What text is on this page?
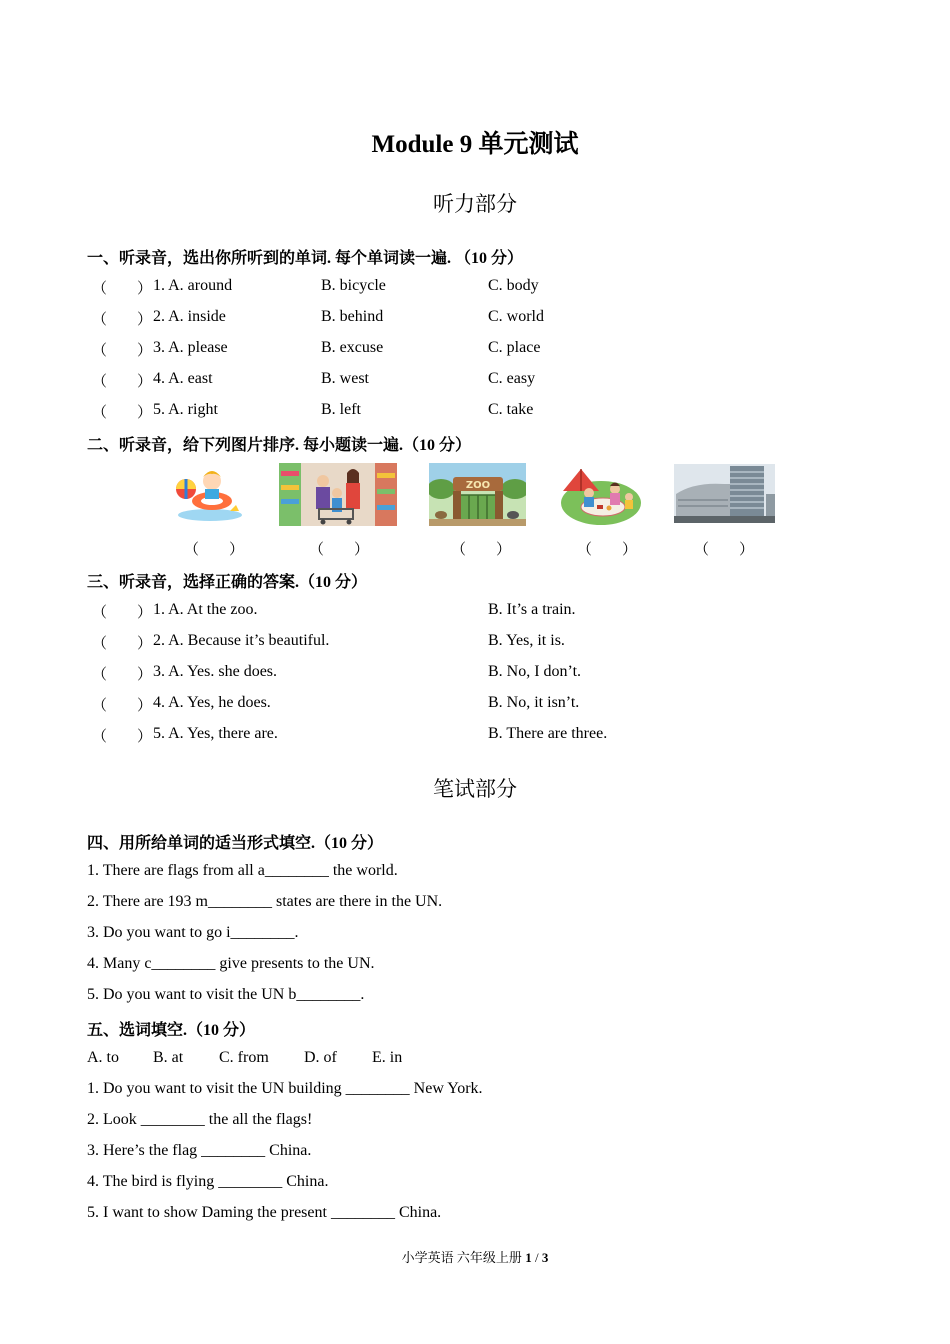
Module 9 单元测试
听力部分
一、听录音，选出你所听到的单词. 每个单词读一遍. （10 分）
（　　） 1. A. around	B. bicycle	C. body
（　　） 2. A. inside	B. behind	C. world
（　　） 3. A. please	B. excuse	C. place
（　　） 4. A. east	B. west	C. easy
（　　） 5. A. right	B. left	C. take
二、听录音，给下列图片排序. 每小题读一遍.（10 分）
ZOO
（　　）	（　　）	（　　）	（　　）	（　　）
三、听录音，选择正确的答案.（10 分）
（　　） 1. A. At the zoo.	B. It’s a train.
（　　） 2. A. Because it’s beautiful.	B. Yes, it is.
（　　） 3. A. Yes. she does.	B. No, I don’t.
（　　） 4. A. Yes, he does.	B. No, it isn’t.
（　　） 5. A. Yes, there are.	B. There are three.
笔试部分
四、用所给单词的适当形式填空.（10 分）
1. There are flags from all a________ the world.
2. There are 193 m________ states are there in the UN.
3. Do you want to go i________.
4. Many c________ give presents to the UN.
5. Do you want to visit the UN b________.
五、选词填空.（10 分）
A. to B. at C. from D. of E. in
1. Do you want to visit the UN building ________ New York.
2. Look ________ the all the flags!
3. Here’s the flag ________ China.
4. The bird is flying ________ China.
5. I want to show Daming the present ________ China.
小学英语 六年级上册 1 / 3
